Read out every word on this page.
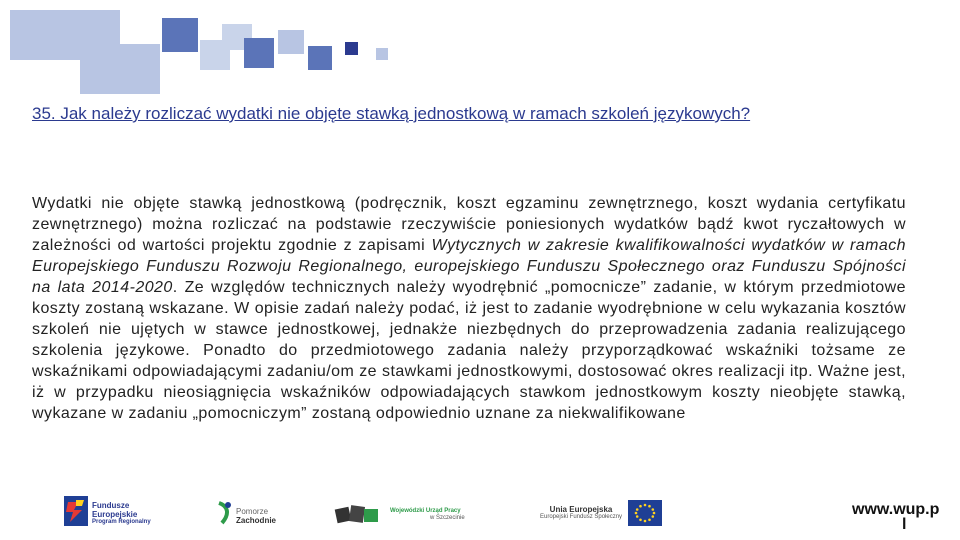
35. Jak należy rozliczać wydatki nie objęte stawką jednostkową w ramach szkoleń językowych?

Wydatki nie objęte stawką jednostkową (podręcznik, koszt egzaminu zewnętrznego, koszt wydania certyfikatu zewnętrznego) można rozliczać na podstawie rzeczywiście poniesionych wydatków bądź kwot ryczałtowych w zależności od wartości projektu zgodnie z zapisami Wytycznych w zakresie kwalifikowalności wydatków w ramach Europejskiego Funduszu Rozwoju Regionalnego, europejskiego Funduszu Społecznego oraz Funduszu Spójności na lata 2014-2020. Ze względów technicznych należy wyodrębnić „pomocnicze” zadanie, w którym przedmiotowe koszty zostaną wskazane. W opisie zadań należy podać, iż jest to zadanie wyodrębnione w celu wykazania kosztów szkoleń nie ujętych w stawce jednostkowej, jednakże niezbędnych do przeprowadzenia zadania realizującego szkolenia językowe. Ponadto do przedmiotowego zadania należy przyporządkować wskaźniki tożsame ze wskaźnikami odpowiadającymi zadaniu/om ze stawkami jednostkowymi, dostosować okres realizacji itp. Ważne jest, iż w przypadku nieosiągnięcia wskaźników odpowiadających stawkom jednostkowym koszty nieobjęte stawką, wykazane w zadaniu „pomocniczym” zostaną odpowiednio uznane za niekwalifikowane

Fundusze
Europejskie
Program Regionalny
Pomorze
Zachodnie
Wojewódzki Urząd Pracy
w Szczecinie
Unia Europejska
Europejski Fundusz Społeczny	www.wup.p
l
